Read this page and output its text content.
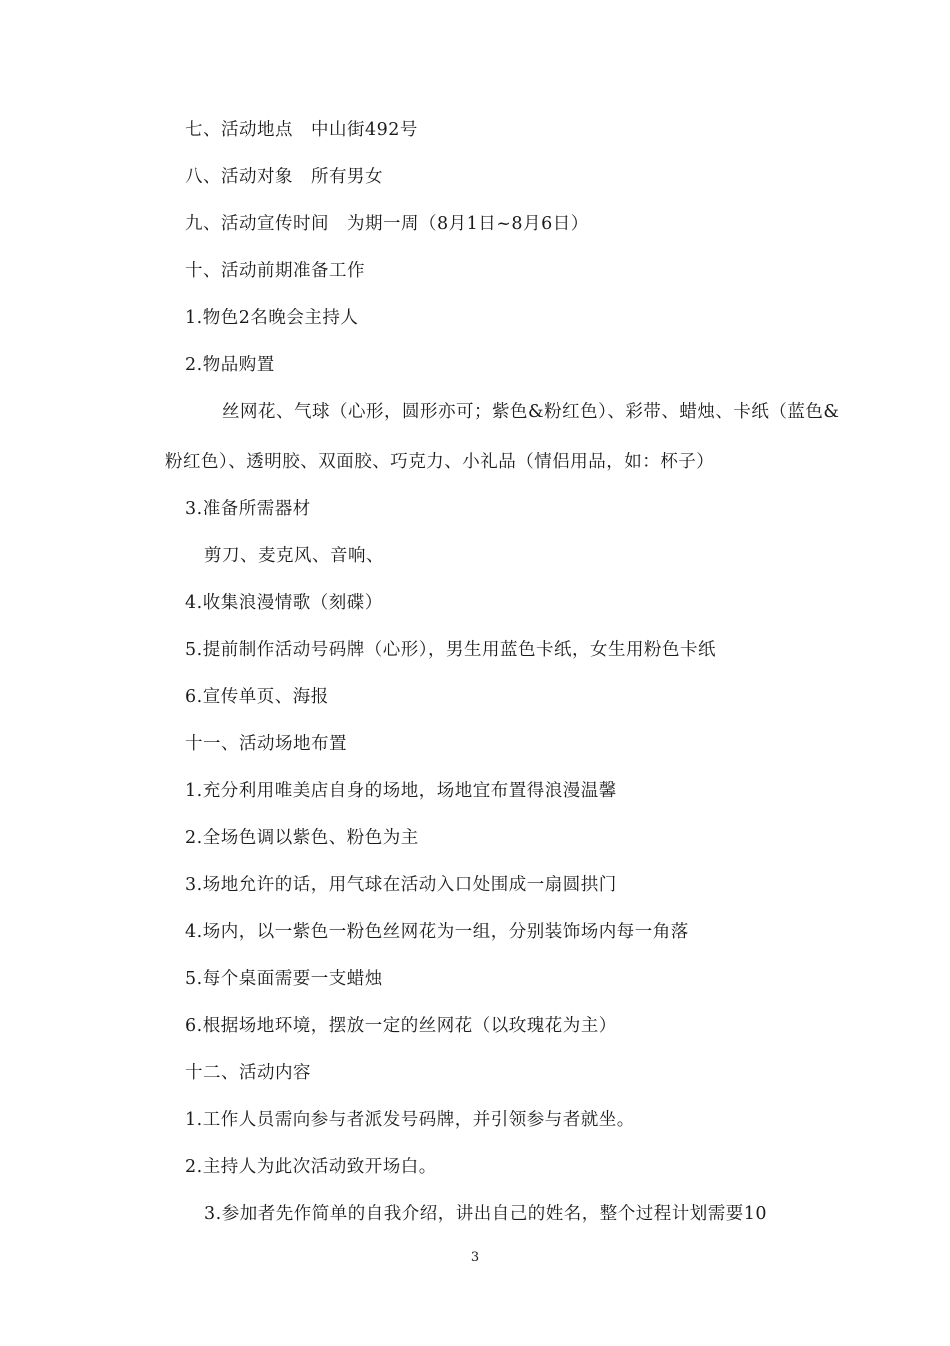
七、活动地点　中山街492号
八、活动对象　所有男女
九、活动宣传时间　为期一周（8月1日~8月6日）
十、活动前期准备工作
1.物色2名晚会主持人
2.物品购置
丝网花、气球（心形，圆形亦可；紫色&粉红色）、彩带、蜡烛、卡纸（蓝色&
粉红色）、透明胶、双面胶、巧克力、小礼品（情侣用品，如：杯子）
3.准备所需器材
剪刀、麦克风、音响、
4.收集浪漫情歌（刻碟）
5.提前制作活动号码牌（心形），男生用蓝色卡纸，女生用粉色卡纸
6.宣传单页、海报
十一、活动场地布置
1.充分利用唯美店自身的场地，场地宜布置得浪漫温馨
2.全场色调以紫色、粉色为主
3.场地允许的话，用气球在活动入口处围成一扇圆拱门
4.场内，以一紫色一粉色丝网花为一组，分别装饰场内每一角落
5.每个桌面需要一支蜡烛
6.根据场地环境，摆放一定的丝网花（以玫瑰花为主）
十二、活动内容
1.工作人员需向参与者派发号码牌，并引领参与者就坐。
2.主持人为此次活动致开场白。
3.参加者先作简单的自我介绍，讲出自己的姓名，整个过程计划需要10
3
